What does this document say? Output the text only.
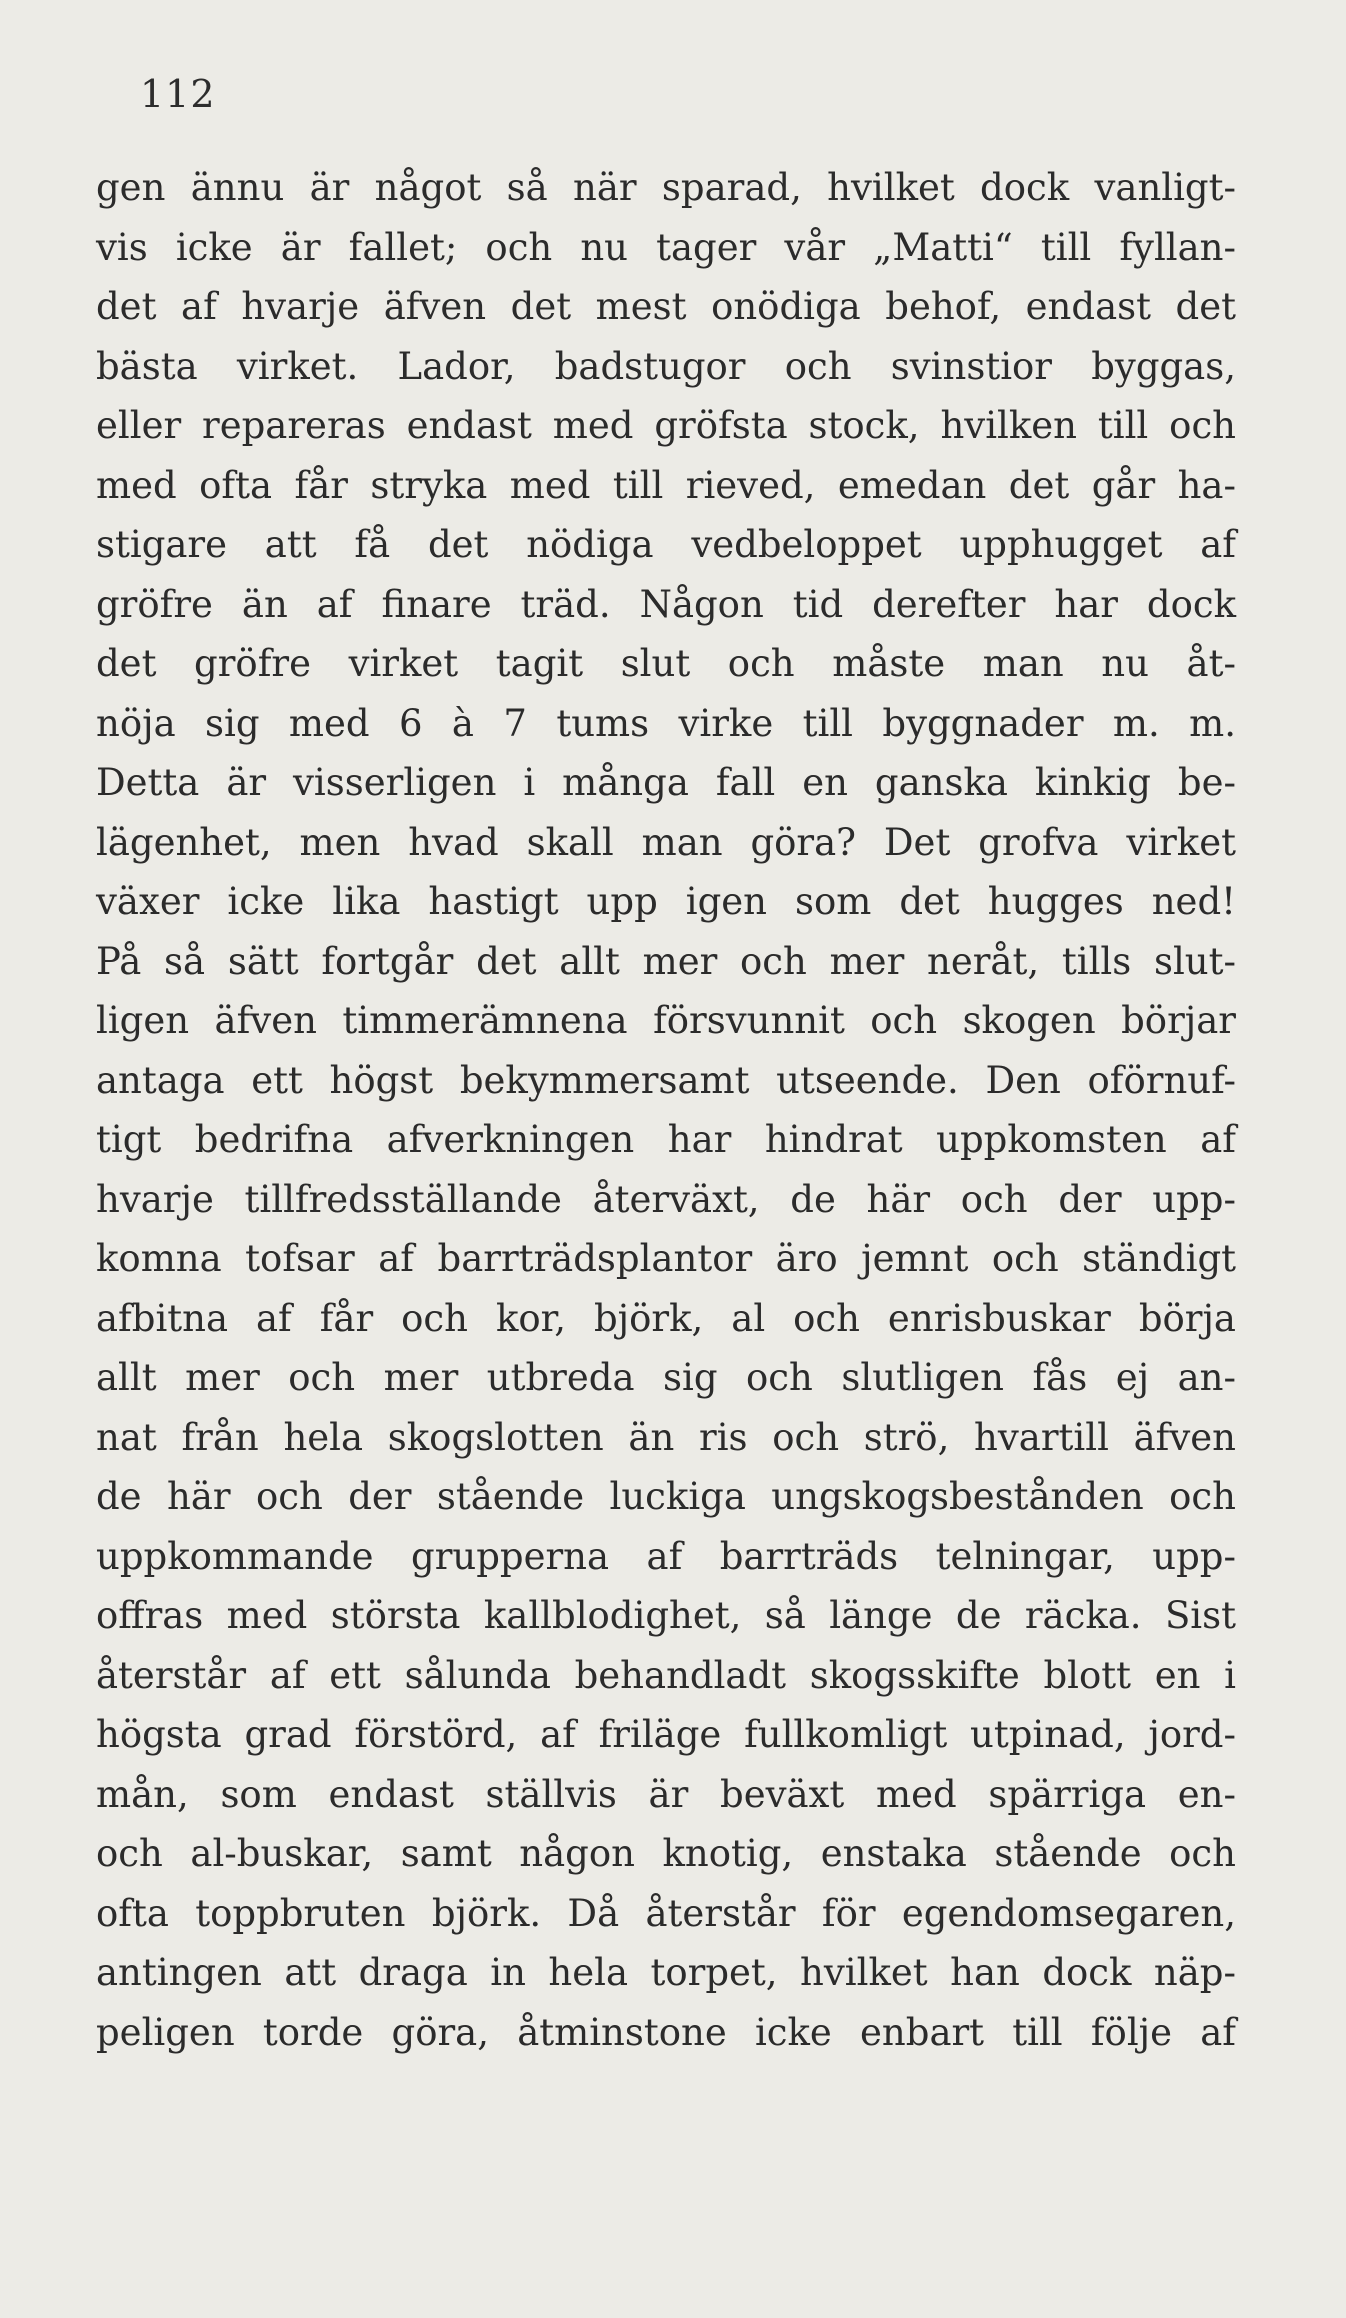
112
gen ännu är något så när sparad, hvilket dock vanligt-
vis icke är fallet; och nu tager vår „Matti“ till fyllan-
det af hvarje äfven det mest onödiga behof, endast det
bästa virket. Lador, badstugor och svinstior byggas,
eller repareras endast med gröfsta stock, hvilken till och
med ofta får stryka med till rieved, emedan det går ha-
stigare att få det nödiga vedbeloppet upphugget af
gröfre än af finare träd. Någon tid derefter har dock
det gröfre virket tagit slut och måste man nu åt-
nöja sig med 6 à 7 tums virke till byggnader m. m.
Detta är visserligen i många fall en ganska kinkig be-
lägenhet, men hvad skall man göra? Det grofva virket
växer icke lika hastigt upp igen som det hugges ned!
På så sätt fortgår det allt mer och mer neråt, tills slut-
ligen äfven timmerämnena försvunnit och skogen börjar
antaga ett högst bekymmersamt utseende. Den oförnuf-
tigt bedrifna afverkningen har hindrat uppkomsten af
hvarje tillfredsställande återväxt, de här och der upp-
komna tofsar af barrträdsplantor äro jemnt och ständigt
afbitna af får och kor, björk, al och enrisbuskar börja
allt mer och mer utbreda sig och slutligen fås ej an-
nat från hela skogslotten än ris och strö, hvartill äfven
de här och der stående luckiga ungskogsbestånden och
uppkommande grupperna af barrträds telningar, upp-
offras med största kallblodighet, så länge de räcka. Sist
återstår af ett sålunda behandladt skogsskifte blott en i
högsta grad förstörd, af friläge fullkomligt utpinad, jord-
mån, som endast ställvis är beväxt med spärriga en-
och al-buskar, samt någon knotig, enstaka stående och
ofta toppbruten björk. Då återstår för egendomsegaren,
antingen att draga in hela torpet, hvilket han dock näp-
peligen torde göra, åtminstone icke enbart till följe af
